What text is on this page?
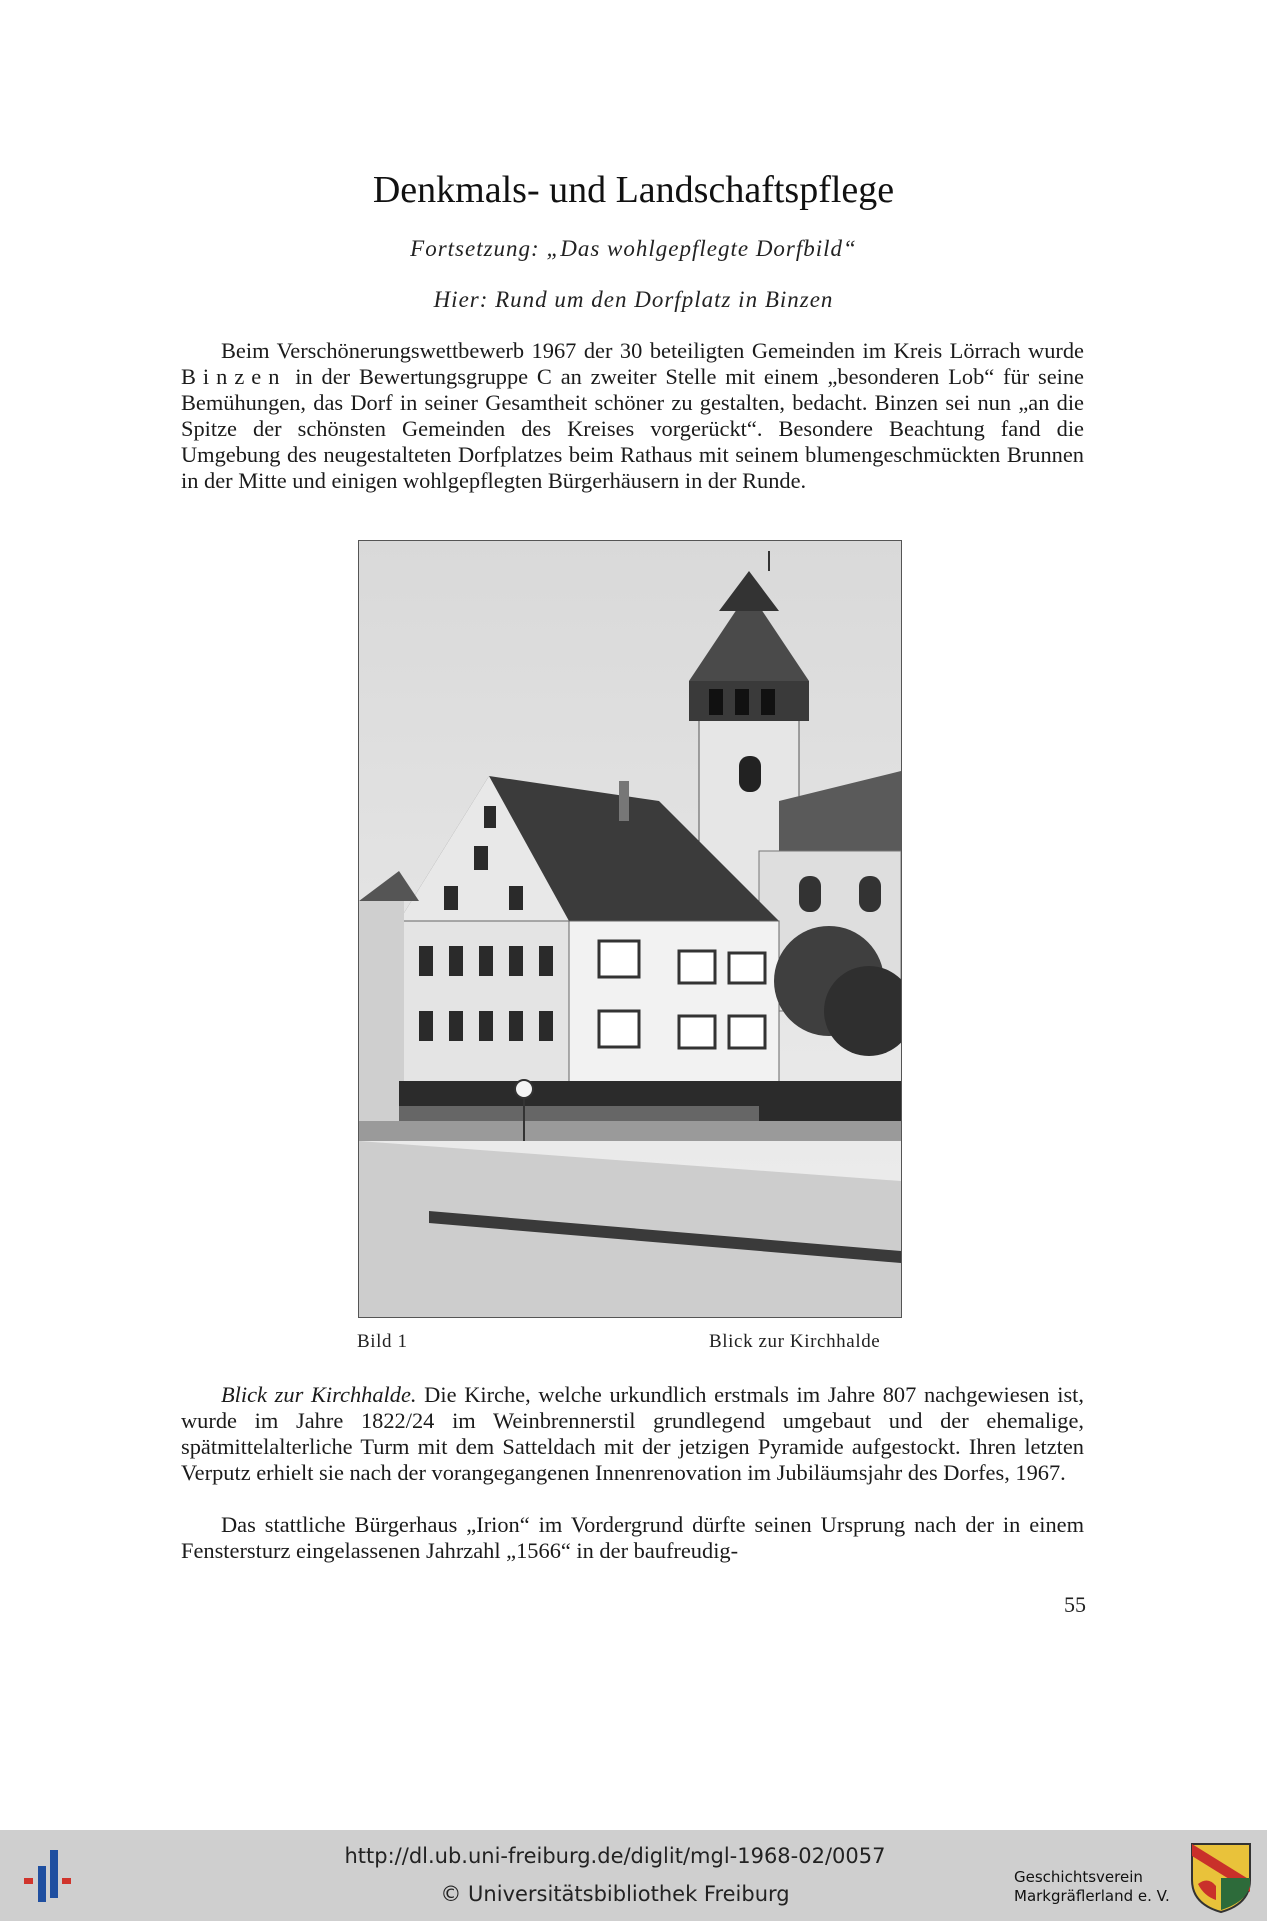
Denkmals- und Landschaftspflege
Fortsetzung: „Das wohlgepflegte Dorfbild“
Hier: Rund um den Dorfplatz in Binzen
Beim Verschönerungswettbewerb 1967 der 30 beteiligten Gemeinden im Kreis Lörrach wurde Binzen in der Bewertungsgruppe C an zweiter Stelle mit einem „besonderen Lob“ für seine Bemühungen, das Dorf in seiner Gesamtheit schöner zu gestalten, bedacht. Binzen sei nun „an die Spitze der schönsten Gemeinden des Kreises vorgerückt“. Besondere Beachtung fand die Umgebung des neugestalteten Dorfplatzes beim Rathaus mit seinem blumengeschmückten Brunnen in der Mitte und einigen wohlgepflegten Bürgerhäusern in der Runde.
Bild 1	Blick zur Kirchhalde
Blick zur Kirchhalde. Die Kirche, welche urkundlich erstmals im Jahre 807 nachgewiesen ist, wurde im Jahre 1822/24 im Weinbrennerstil grundlegend umgebaut und der ehemalige, spätmittelalterliche Turm mit dem Satteldach mit der jetzigen Pyramide aufgestockt. Ihren letzten Verputz erhielt sie nach der vorangegangenen Innenrenovation im Jubiläumsjahr des Dorfes, 1967.
Das stattliche Bürgerhaus „Irion“ im Vordergrund dürfte seinen Ursprung nach der in einem Fenstersturz eingelassenen Jahrzahl „1566“ in der baufreudig-
55
http://dl.ub.uni-freiburg.de/diglit/mgl-1968-02/0057
© Universitätsbibliothek Freiburg
Geschichtsverein
Markgräflerland e. V.
